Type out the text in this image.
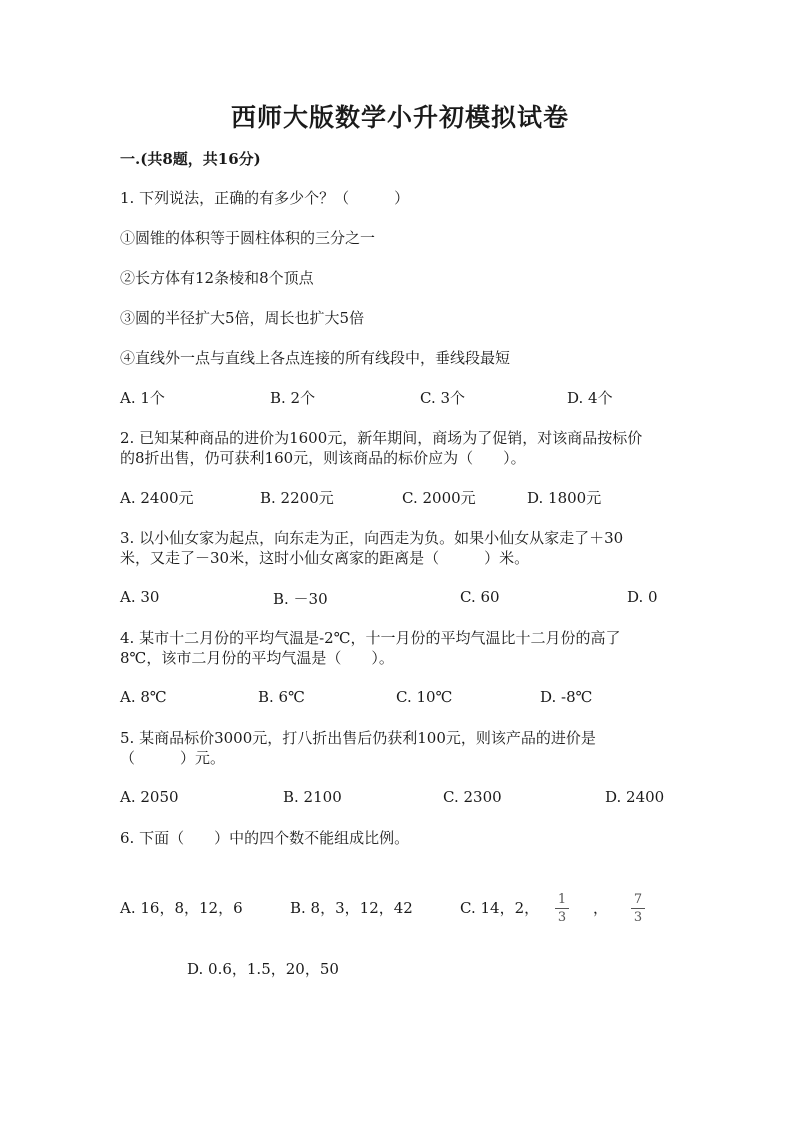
西师大版数学小升初模拟试卷
一.(共8题，共16分)
1. 下列说法，正确的有多少个？（　　　）
①圆锥的体积等于圆柱体积的三分之一
②长方体有12条棱和8个顶点
③圆的半径扩大5倍，周长也扩大5倍
④直线外一点与直线上各点连接的所有线段中，垂线段最短
A. 1个	B. 2个	C. 3个	D. 4个
2. 已知某种商品的进价为1600元，新年期间，商场为了促销，对该商品按标价
的8折出售，仍可获利160元，则该商品的标价应为（　　）。
A. 2400元	B. 2200元	C. 2000元	D. 1800元
3. 以小仙女家为起点，向东走为正，向西走为负。如果小仙女从家走了＋30
米，又走了－30米，这时小仙女离家的距离是（　　　）米。
A. 30	B. －30	C. 60	D. 0
4. 某市十二月份的平均气温是-2℃，十一月份的平均气温比十二月份的高了
8℃，该市二月份的平均气温是（　　）。
A. 8℃	B. 6℃	C. 10℃	D. -8℃
5. 某商品标价3000元，打八折出售后仍获利100元，则该产品的进价是
（　　　）元。
A. 2050	B. 2100	C. 2300	D. 2400
6. 下面（　　）中的四个数不能组成比例。
A. 16，8，12，6	B. 8，3，12，42	C. 14，2， $\frac{1}{3}$ ， $\frac{7}{3}$
D. 0.6，1.5，20，50
